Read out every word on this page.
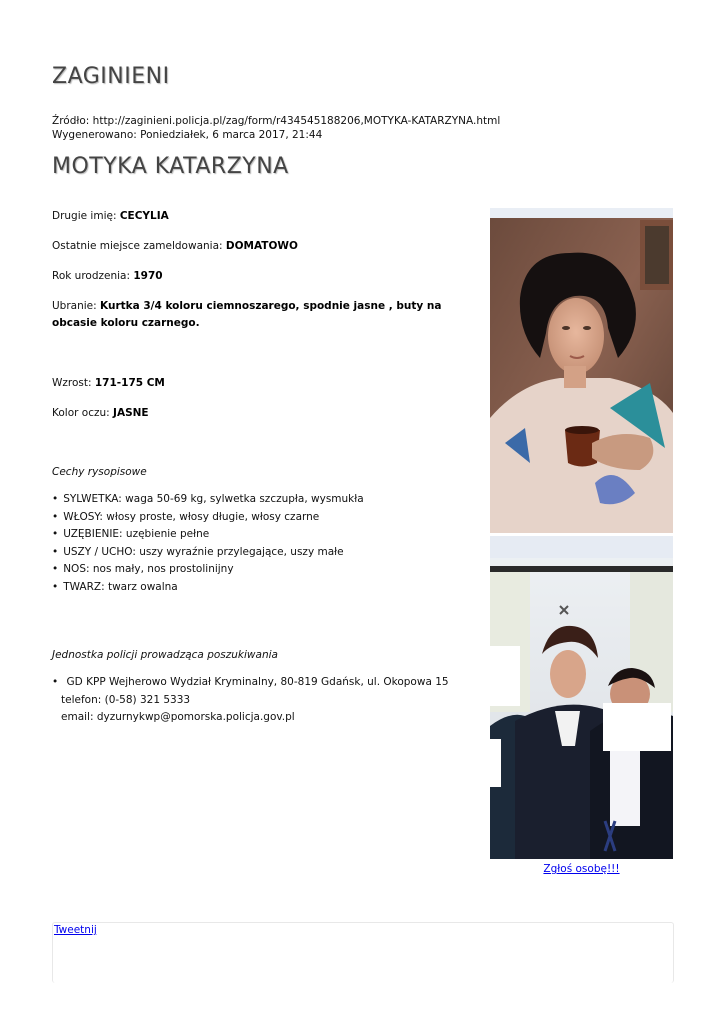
ZAGINIENI
Źródło: http://zaginieni.policja.pl/zag/form/r434545188206,MOTYKA-KATARZYNA.html
Wygenerowano: Poniedziałek, 6 marca 2017, 21:44
MOTYKA KATARZYNA
Drugie imię: CECYLIA
Ostatnie miejsce zameldowania: DOMATOWO
Rok urodzenia: 1970
Ubranie: Kurtka 3/4 koloru ciemnoszarego, spodnie jasne , buty na obcasie koloru czarnego.
Wzrost: 171-175 CM
Kolor oczu: JASNE
Cechy rysopisowe
• SYLWETKA: waga 50-69 kg, sylwetka szczupła, wysmukła
• WŁOSY: włosy proste, włosy długie, włosy czarne
• UZĘBIENIE: uzębienie pełne
• USZY / UCHO: uszy wyraźnie przylegające, uszy małe
• NOS: nos mały, nos prostolinijny
• TWARZ: twarz owalna
Jednostka policji prowadząca poszukiwania
• GD KPP Wejherowo Wydział Kryminalny, 80-819 Gdańsk, ul. Okopowa 15
telefon: (0-58) 321 5333
email: dyzurnykwp@pomorska.policja.gov.pl
Zgłoś osobę!!!
Tweetnij
